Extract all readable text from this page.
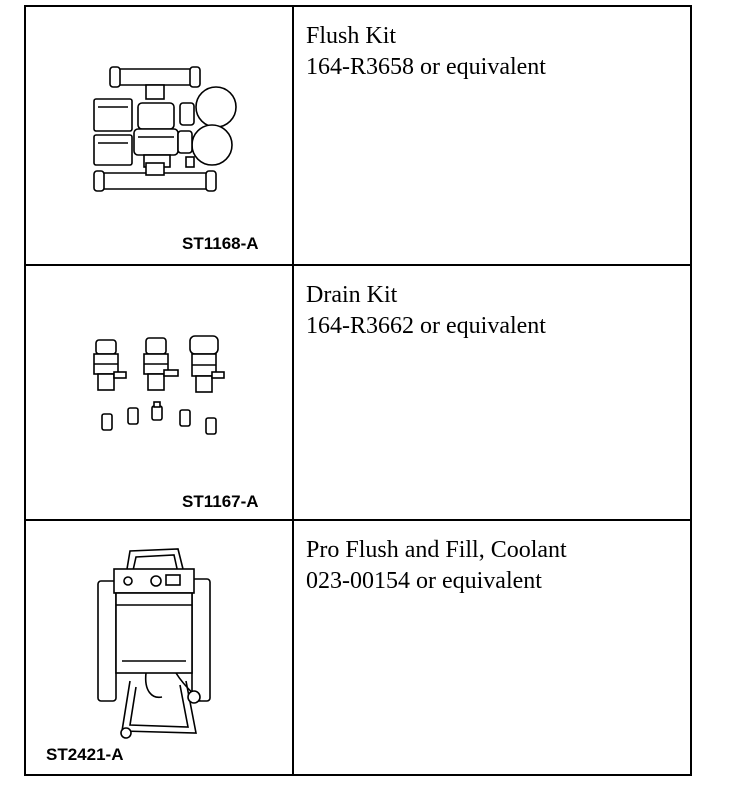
ST1168-A
Flush Kit
164-R3658 or equivalent
ST1167-A
Drain Kit
164-R3662 or equivalent
ST2421-A
Pro Flush and Fill, Coolant
023-00154 or equivalent
